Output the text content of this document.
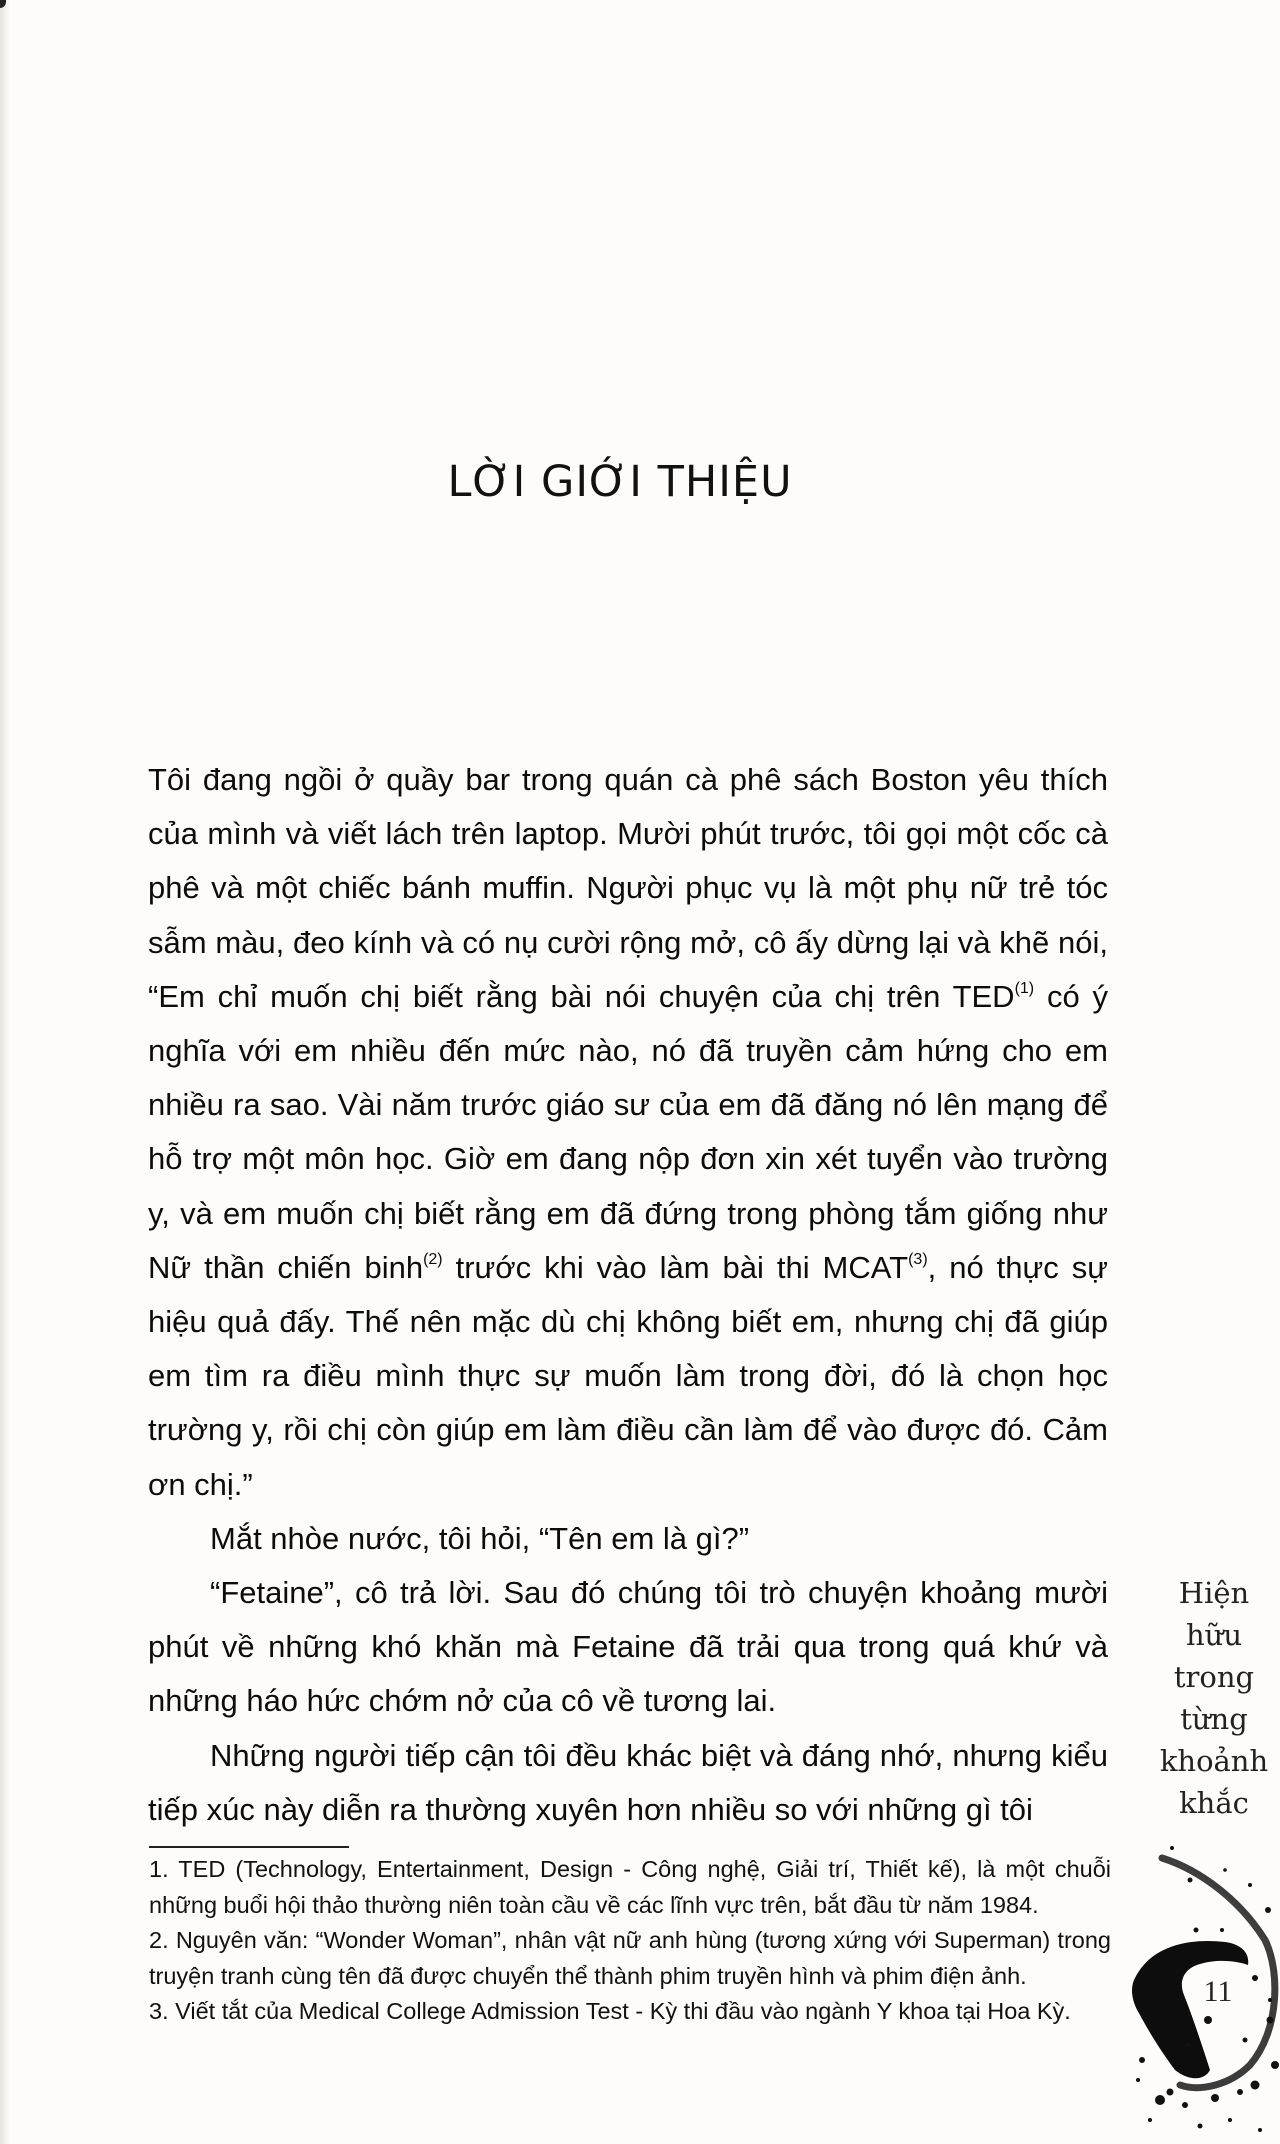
LỜI GIỚI THIỆU

Tôi đang ngồi ở quầy bar trong quán cà phê sách Boston yêu thích của mình và viết lách trên laptop. Mười phút trước, tôi gọi một cốc cà phê và một chiếc bánh muffin. Người phục vụ là một phụ nữ trẻ tóc sẫm màu, đeo kính và có nụ cười rộng mở, cô ấy dừng lại và khẽ nói, “Em chỉ muốn chị biết rằng bài nói chuyện của chị trên TED$^{(1)}$ có ý nghĩa với em nhiều đến mức nào, nó đã truyền cảm hứng cho em nhiều ra sao. Vài năm trước giáo sư của em đã đăng nó lên mạng để hỗ trợ một môn học. Giờ em đang nộp đơn xin xét tuyển vào trường y, và em muốn chị biết rằng em đã đứng trong phòng tắm giống như Nữ thần chiến binh$^{(2)}$ trước khi vào làm bài thi MCAT$^{(3)}$, nó thực sự hiệu quả đấy. Thế nên mặc dù chị không biết em, nhưng chị đã giúp em tìm ra điều mình thực sự muốn làm trong đời, đó là chọn học trường y, rồi chị còn giúp em làm điều cần làm để vào được đó. Cảm ơn chị.”

Mắt nhòe nước, tôi hỏi, “Tên em là gì?”

“Fetaine”, cô trả lời. Sau đó chúng tôi trò chuyện khoảng mười phút về những khó khăn mà Fetaine đã trải qua trong quá khứ và những háo hức chớm nở của cô về tương lai.

Những người tiếp cận tôi đều khác biệt và đáng nhớ, nhưng kiểu tiếp xúc này diễn ra thường xuyên hơn nhiều so với những gì tôi

1. TED (Technology, Entertainment, Design - Công nghệ, Giải trí, Thiết kế), là một chuỗi những buổi hội thảo thường niên toàn cầu về các lĩnh vực trên, bắt đầu từ năm 1984.

2. Nguyên văn: “Wonder Woman”, nhân vật nữ anh hùng (tương xứng với Superman) trong truyện tranh cùng tên đã được chuyển thể thành phim truyền hình và phim điện ảnh.

3. Viết tắt của Medical College Admission Test - Kỳ thi đầu vào ngành Y khoa tại Hoa Kỳ.

Hiện
hữu
trong
từng
khoảnh
khắc
11
